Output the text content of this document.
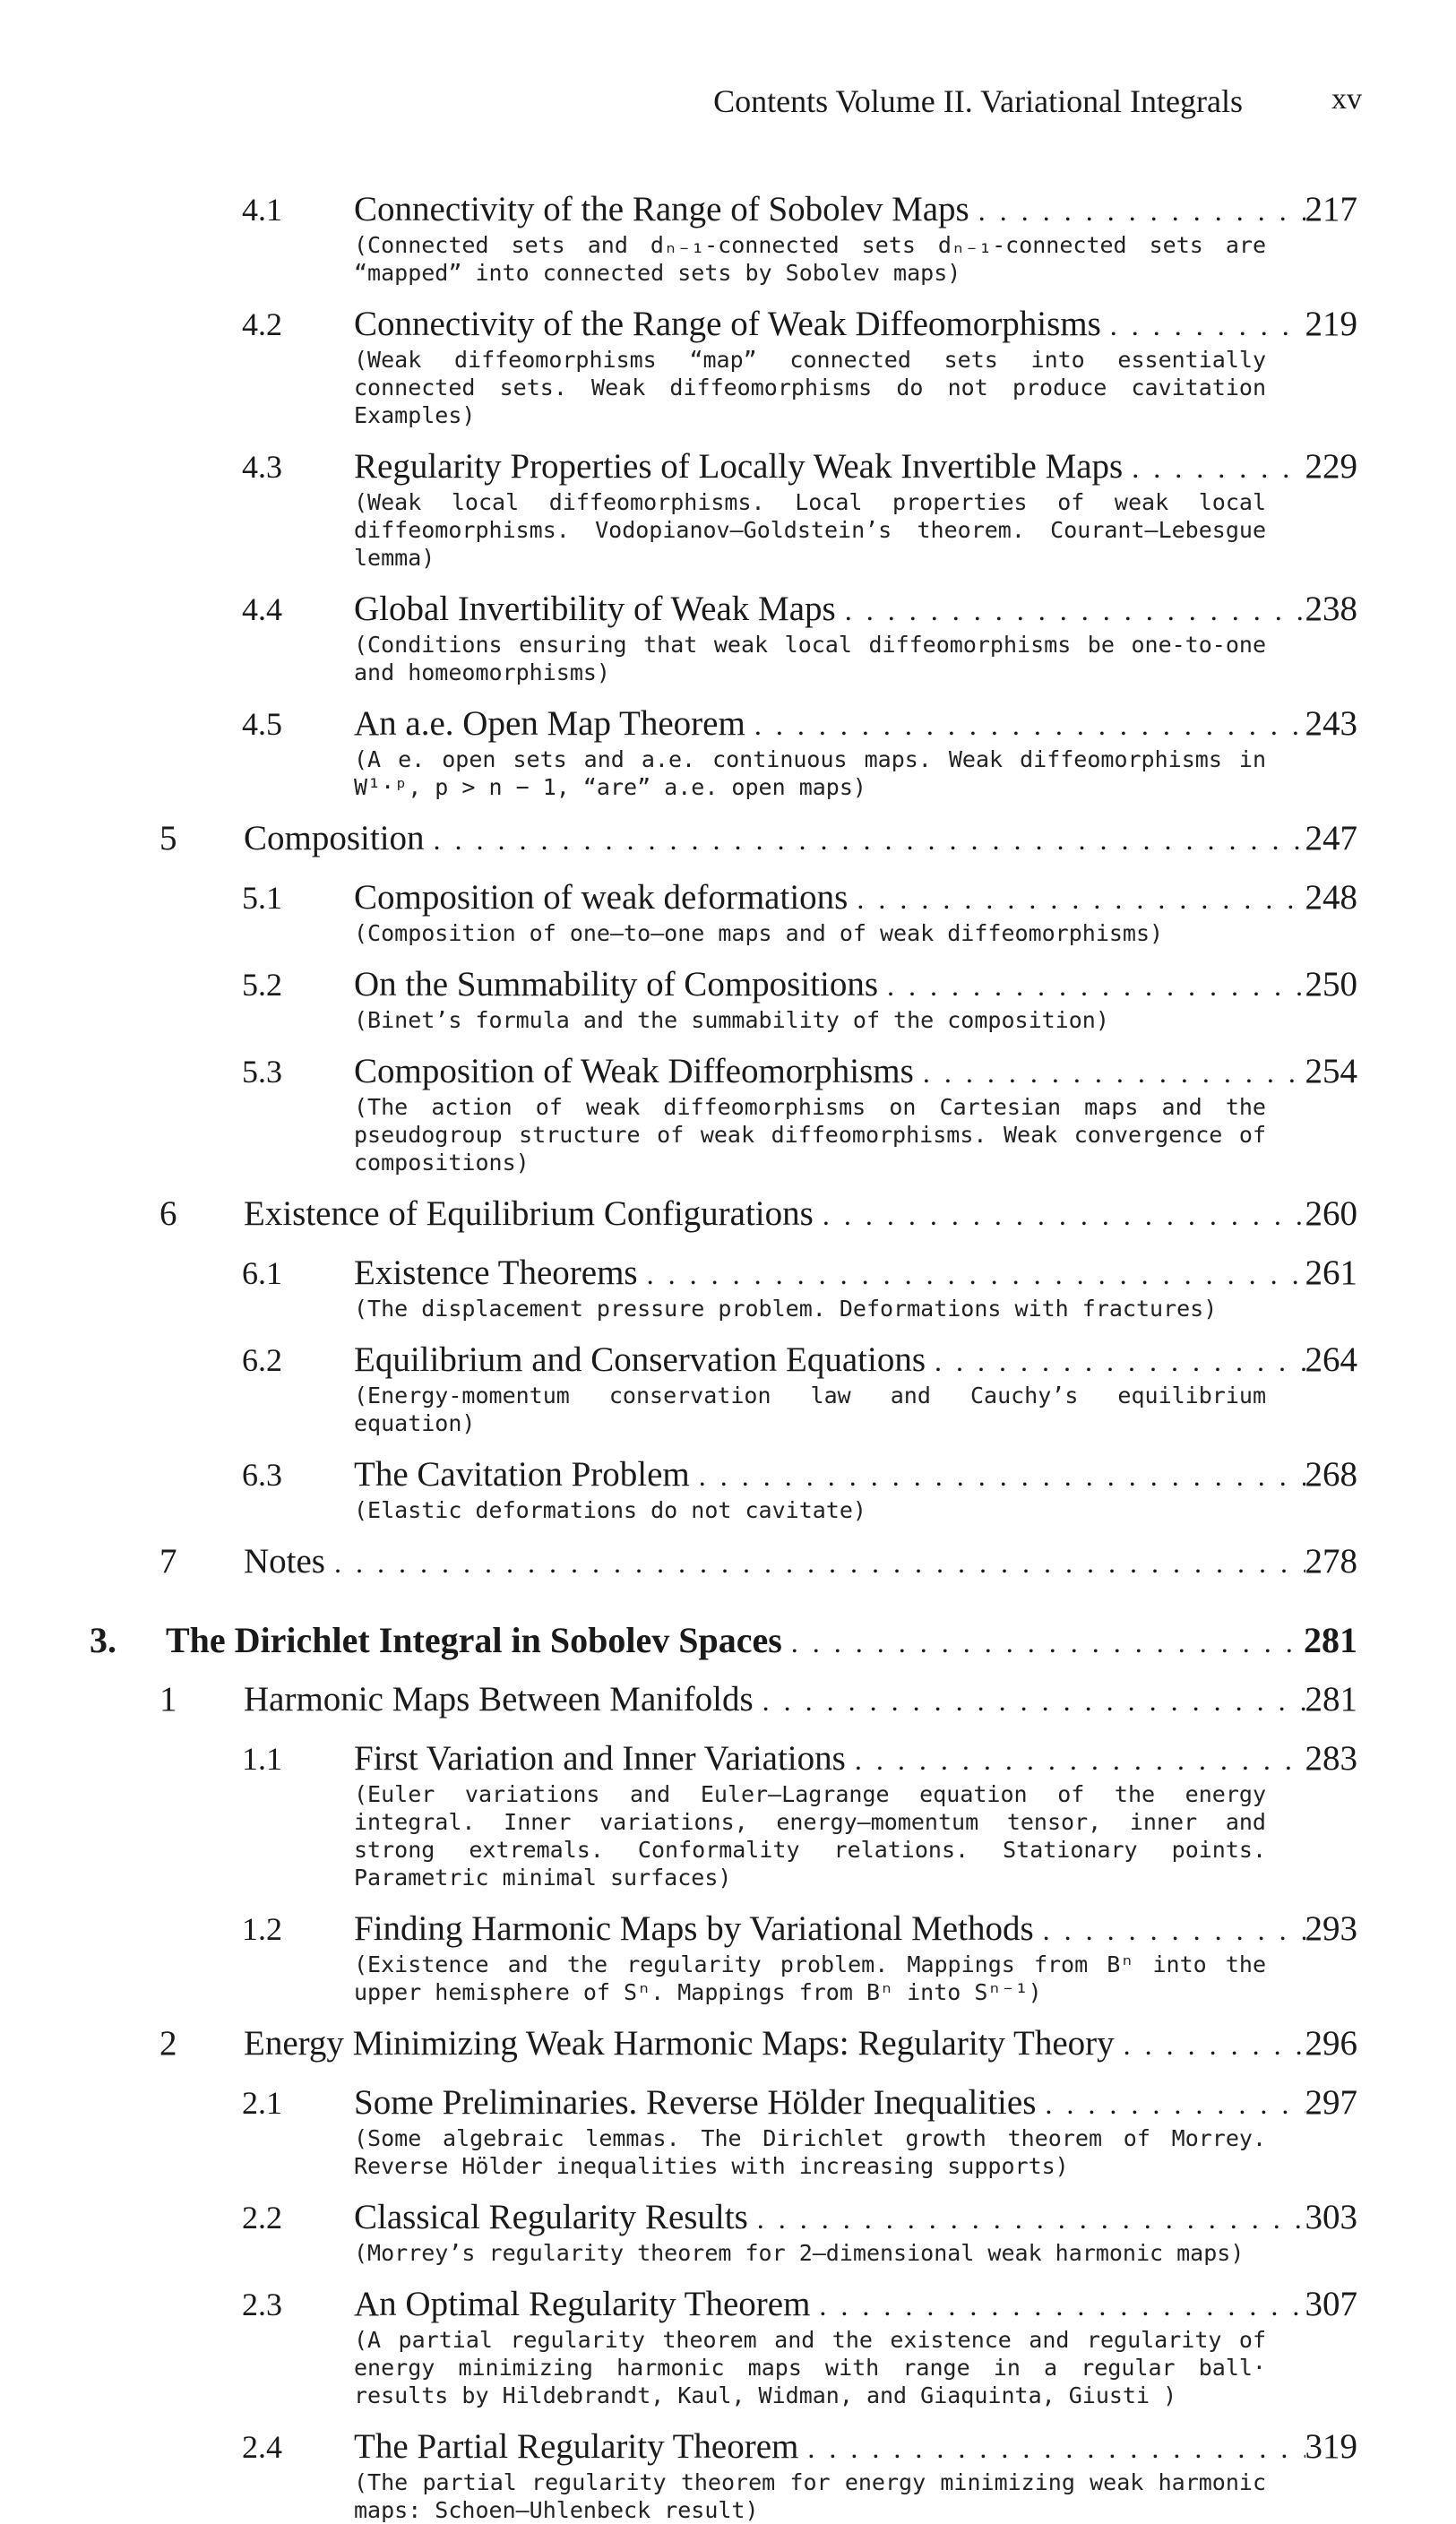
Contents Volume II. Variational Integrals	xv
4.1 Connectivity of the Range of Sobolev Maps . . .	217
(Connected sets and dₙ₋₁-connected sets dₙ₋₁-connected sets are “mapped” into connected sets by Sobolev maps)
4.2 Connectivity of the Range of Weak Diffeomorphisms . . .	219
(Weak diffeomorphisms “map” connected sets into essentially connected sets. Weak diffeomorphisms do not produce cavitation Examples)
4.3 Regularity Properties of Locally Weak Invertible Maps . . .	229
(Weak local diffeomorphisms. Local properties of weak local diffeomorphisms. Vodopianov–Goldstein’s theorem. Courant–Lebesgue lemma)
4.4 Global Invertibility of Weak Maps . . .	238
(Conditions ensuring that weak local diffeomorphisms be one-to-one and homeomorphisms)
4.5 An a.e. Open Map Theorem . . .	243
(A e. open sets and a.e. continuous maps. Weak diffeomorphisms in W¹·ᵖ, p > n − 1, “are” a.e. open maps)
5 Composition . . .	247
5.1 Composition of weak deformations . . .	248
(Composition of one–to–one maps and of weak diffeomorphisms)
5.2 On the Summability of Compositions . . .	250
(Binet’s formula and the summability of the composition)
5.3 Composition of Weak Diffeomorphisms . . .	254
(The action of weak diffeomorphisms on Cartesian maps and the pseudogroup structure of weak diffeomorphisms. Weak convergence of compositions)
6 Existence of Equilibrium Configurations . . .	260
6.1 Existence Theorems . . .	261
(The displacement pressure problem. Deformations with fractures)
6.2 Equilibrium and Conservation Equations . . .	264
(Energy-momentum conservation law and Cauchy’s equilibrium equation)
6.3 The Cavitation Problem . . .	268
(Elastic deformations do not cavitate)
7 Notes . . .	278
3.	The Dirichlet Integral in Sobolev Spaces . . .	281
1 Harmonic Maps Between Manifolds . . .	281
1.1 First Variation and Inner Variations . . .	283
(Euler variations and Euler–Lagrange equation of the energy integral. Inner variations, energy–momentum tensor, inner and strong extremals. Conformality relations. Stationary points. Parametric minimal surfaces)
1.2 Finding Harmonic Maps by Variational Methods . . .	293
(Existence and the regularity problem. Mappings from Bⁿ into the upper hemisphere of Sⁿ. Mappings from Bⁿ into Sⁿ⁻¹)
2 Energy Minimizing Weak Harmonic Maps: Regularity Theory . . .	296
2.1 Some Preliminaries. Reverse Hölder Inequalities . . .	297
(Some algebraic lemmas. The Dirichlet growth theorem of Morrey. Reverse Hölder inequalities with increasing supports)
2.2 Classical Regularity Results . . .	303
(Morrey’s regularity theorem for 2–dimensional weak harmonic maps)
2.3 An Optimal Regularity Theorem . . .	307
(A partial regularity theorem and the existence and regularity of energy minimizing harmonic maps with range in a regular ball· results by Hildebrandt, Kaul, Widman, and Giaquinta, Giusti )
2.4 The Partial Regularity Theorem . . .	319
(The partial regularity theorem for energy minimizing weak harmonic maps: Schoen–Uhlenbeck result)
